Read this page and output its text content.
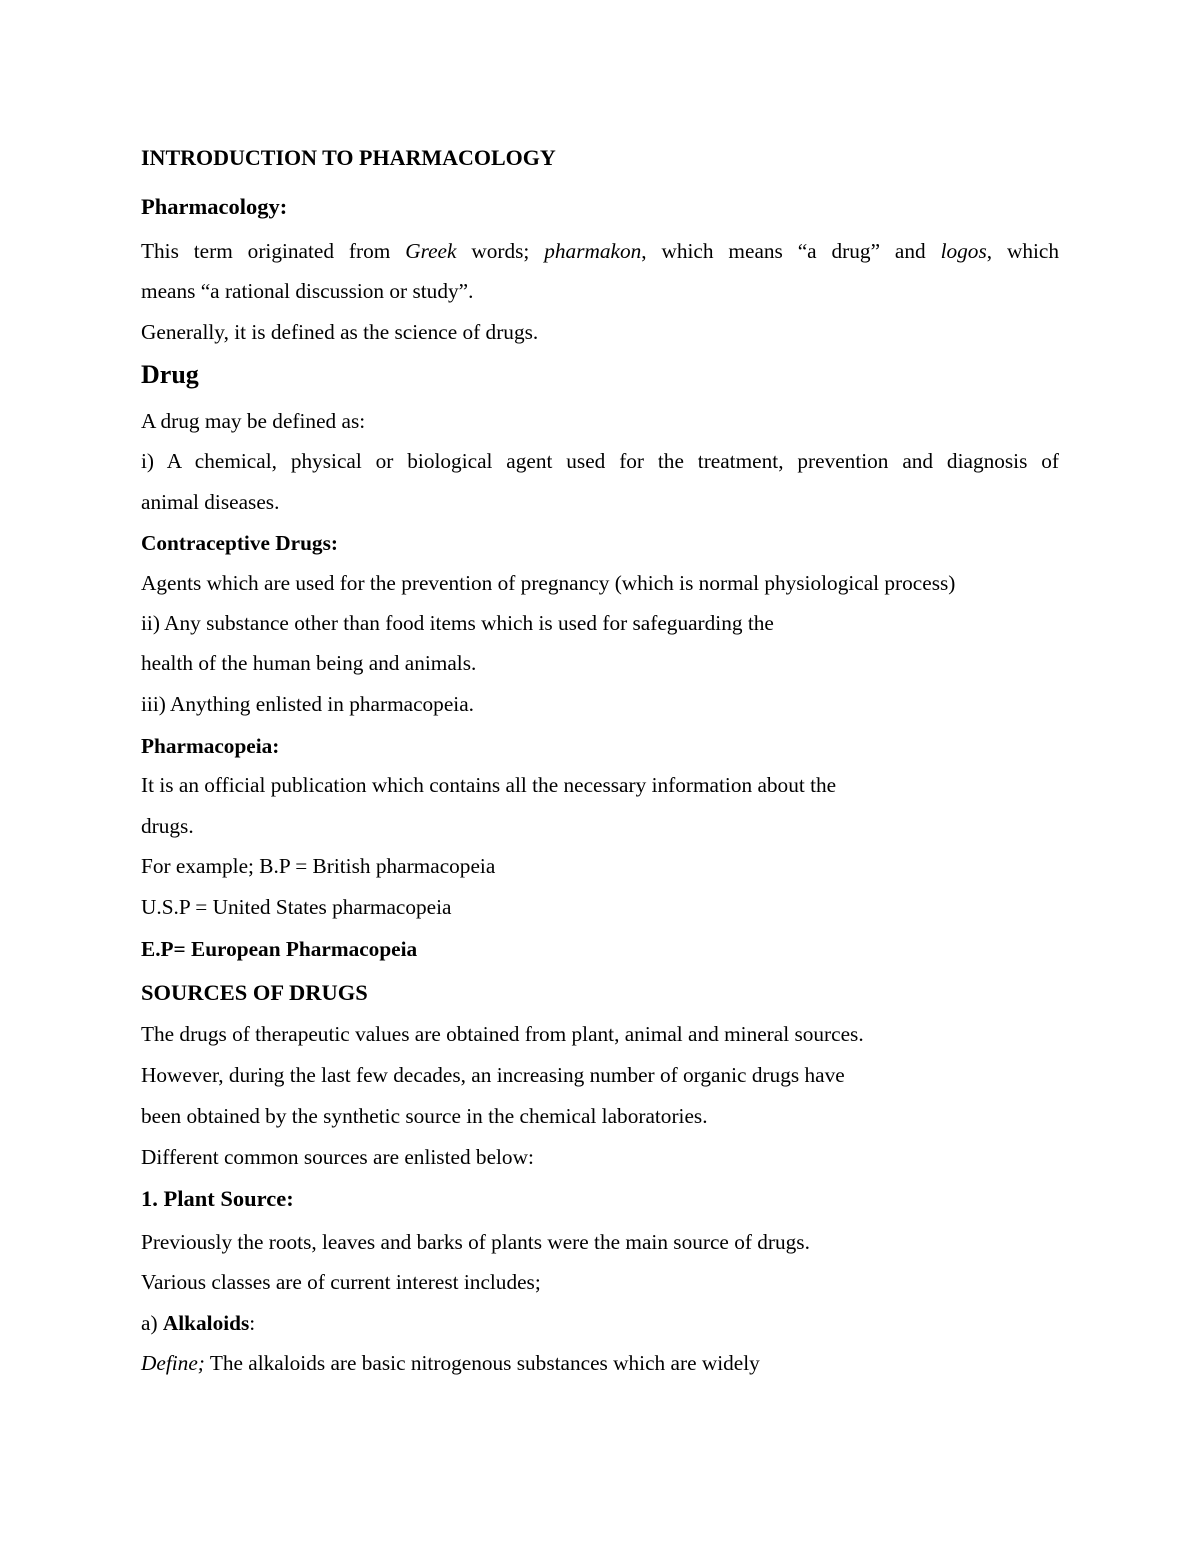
INTRODUCTION TO PHARMACOLOGY

Pharmacology:

This term originated from Greek words; pharmakon, which means “a drug” and logos, which

means “a rational discussion or study”.

Generally, it is defined as the science of drugs.

Drug

A drug may be defined as:

i) A chemical, physical or biological agent used for the treatment, prevention and diagnosis of

animal diseases.

Contraceptive Drugs:

Agents which are used for the prevention of pregnancy (which is normal physiological process)

ii) Any substance other than food items which is used for safeguarding the

health of the human being and animals.

iii) Anything enlisted in pharmacopeia.

Pharmacopeia:

It is an official publication which contains all the necessary information about the

drugs.

For example; B.P = British pharmacopeia

U.S.P = United States pharmacopeia

E.P= European Pharmacopeia

SOURCES OF DRUGS

The drugs of therapeutic values are obtained from plant, animal and mineral sources.

However, during the last few decades, an increasing number of organic drugs have

been obtained by the synthetic source in the chemical laboratories.

Different common sources are enlisted below:

1. Plant Source:

Previously the roots, leaves and barks of plants were the main source of drugs.

Various classes are of current interest includes;

a) Alkaloids:

Define; The alkaloids are basic nitrogenous substances which are widely
